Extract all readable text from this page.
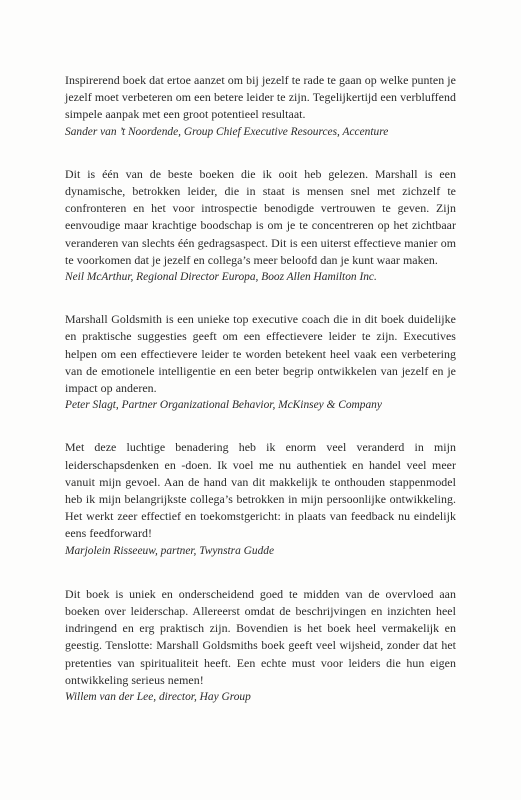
Inspirerend boek dat ertoe aanzet om bij jezelf te rade te gaan op welke punten je jezelf moet verbeteren om een betere leider te zijn. Tegelijkertijd een verbluffend simpele aanpak met een groot potentieel resultaat.
Sander van ’t Noordende, Group Chief Executive Resources, Accenture
Dit is één van de beste boeken die ik ooit heb gelezen. Marshall is een dynamische, betrokken leider, die in staat is mensen snel met zichzelf te confronteren en het voor introspectie benodigde vertrouwen te geven. Zijn eenvoudige maar krachtige boodschap is om je te concentreren op het zichtbaar veranderen van slechts één gedragsaspect. Dit is een uiterst effectieve manier om te voorkomen dat je jezelf en collega’s meer beloofd dan je kunt waar maken.
Neil McArthur, Regional Director Europa, Booz Allen Hamilton Inc.
Marshall Goldsmith is een unieke top executive coach die in dit boek duidelijke en praktische suggesties geeft om een effectievere leider te zijn. Executives helpen om een effectievere leider te worden betekent heel vaak een verbetering van de emotionele intelligentie en een beter begrip ontwikkelen van jezelf en je impact op anderen.
Peter Slagt, Partner Organizational Behavior, McKinsey & Company
Met deze luchtige benadering heb ik enorm veel veranderd in mijn leiderschapsdenken en -doen. Ik voel me nu authentiek en handel veel meer vanuit mijn gevoel. Aan de hand van dit makkelijk te onthouden stappenmodel heb ik mijn belangrijkste collega’s betrokken in mijn persoonlijke ontwikkeling. Het werkt zeer effectief en toekomstgericht: in plaats van feedback nu eindelijk eens feedforward!
Marjolein Risseeuw, partner, Twynstra Gudde
Dit boek is uniek en onderscheidend goed te midden van de overvloed aan boeken over leiderschap. Allereerst omdat de beschrijvingen en inzichten heel indringend en erg praktisch zijn. Bovendien is het boek heel vermakelijk en geestig. Tenslotte: Marshall Goldsmiths boek geeft veel wijsheid, zonder dat het pretenties van spiritualiteit heeft. Een echte must voor leiders die hun eigen ontwikkeling serieus nemen!
Willem van der Lee, director, Hay Group
